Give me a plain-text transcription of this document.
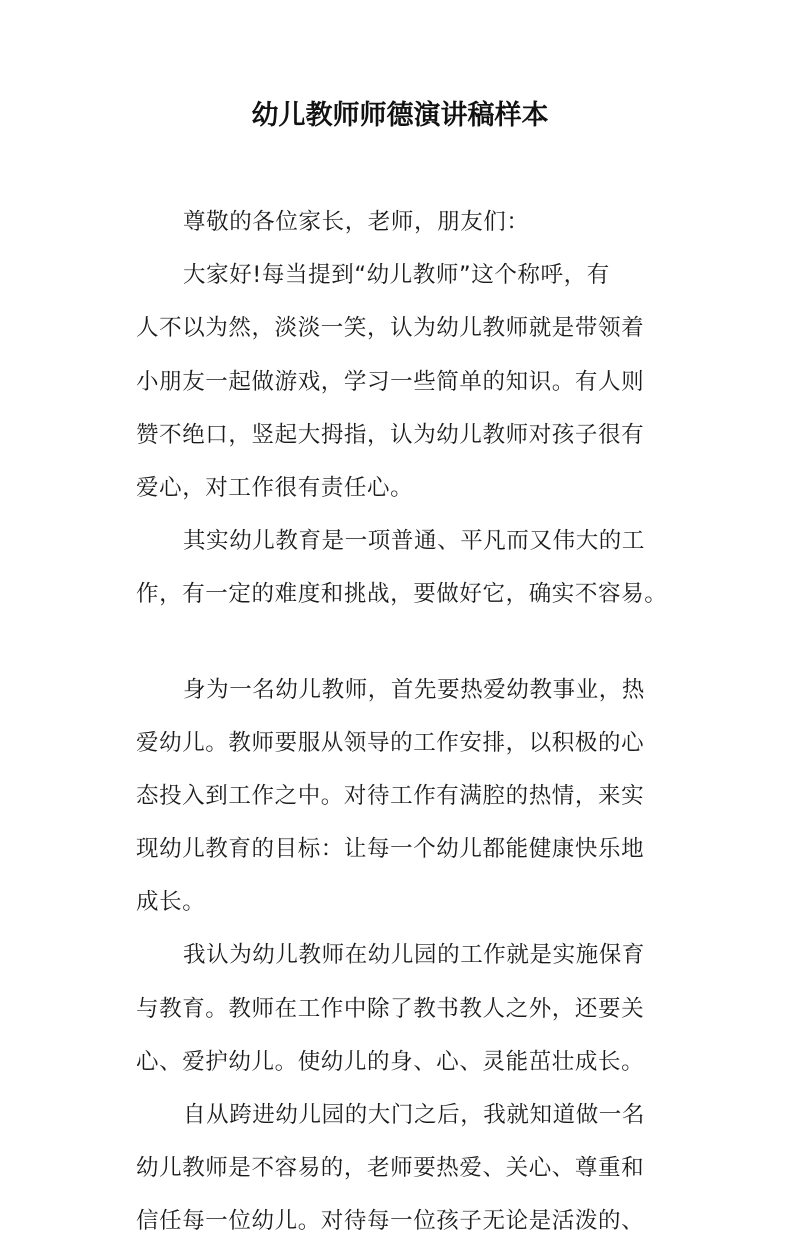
幼儿教师师德演讲稿样本
尊敬的各位家长，老师，朋友们：
大家好!每当提到“幼儿教师”这个称呼，有
人不以为然，淡淡一笑，认为幼儿教师就是带领着
小朋友一起做游戏，学习一些简单的知识。有人则
赞不绝口，竖起大拇指，认为幼儿教师对孩子很有
爱心，对工作很有责任心。
其实幼儿教育是一项普通、平凡而又伟大的工
作，有一定的难度和挑战，要做好它，确实不容易。
身为一名幼儿教师，首先要热爱幼教事业，热
爱幼儿。教师要服从领导的工作安排，以积极的心
态投入到工作之中。对待工作有满腔的热情，来实
现幼儿教育的目标：让每一个幼儿都能健康快乐地
成长。
我认为幼儿教师在幼儿园的工作就是实施保育
与教育。教师在工作中除了教书教人之外，还要关
心、爱护幼儿。使幼儿的身、心、灵能茁壮成长。
自从跨进幼儿园的大门之后，我就知道做一名
幼儿教师是不容易的，老师要热爱、关心、尊重和
信任每一位幼儿。对待每一位孩子无论是活泼的、
